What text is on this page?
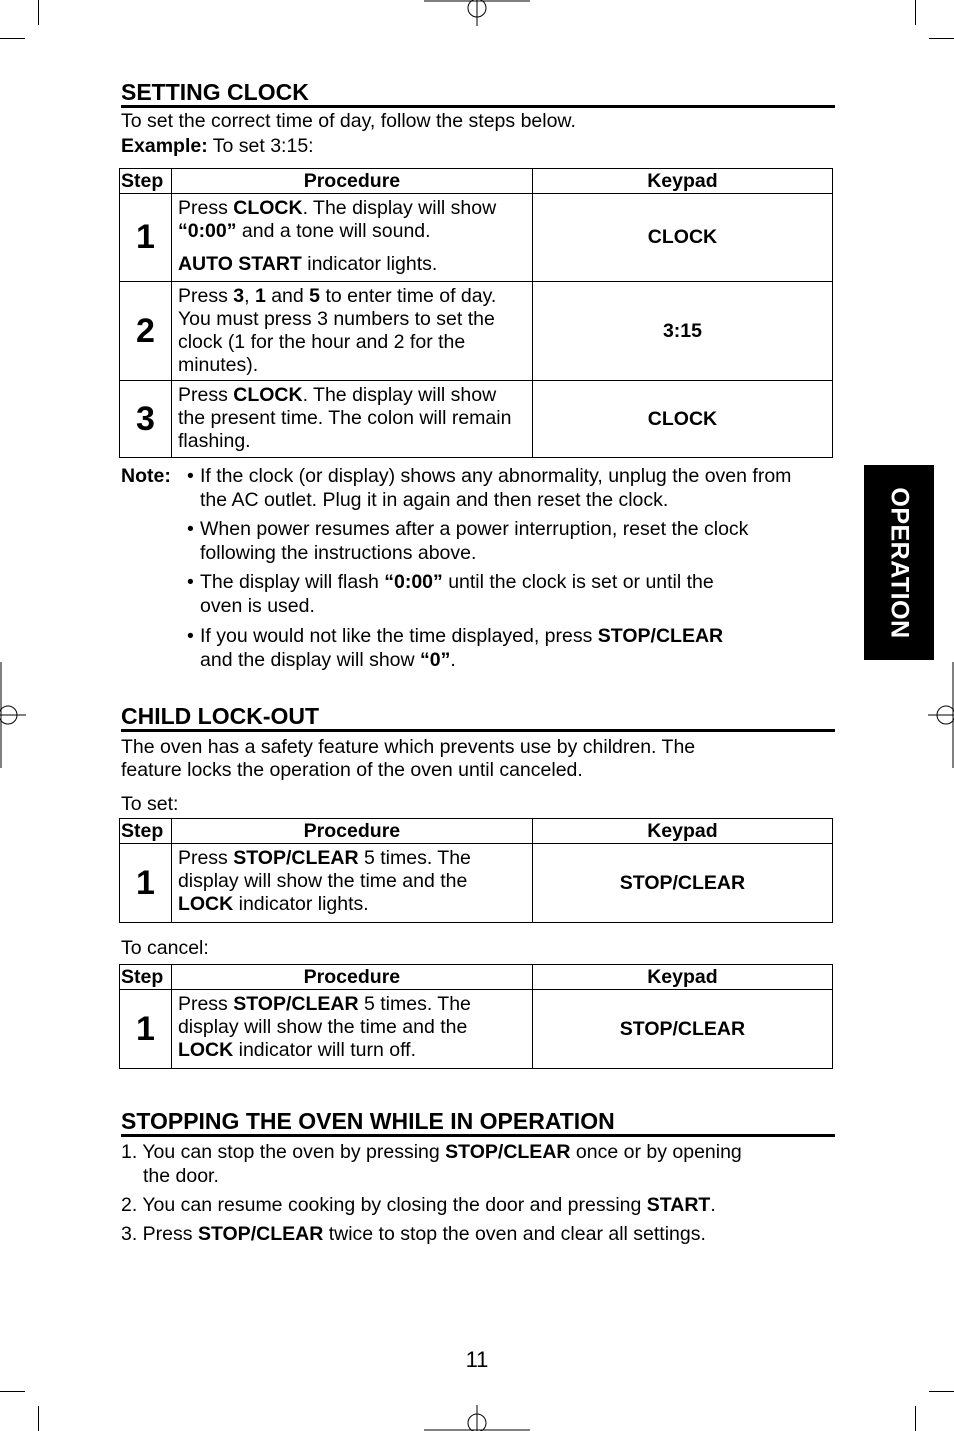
OPERATION
SETTING CLOCK
To set the correct time of day, follow the steps below.
Example: To set 3:15:
Step	Procedure	Keypad
1	Press CLOCK. The display will show “0:00” and a tone will sound.

AUTO START indicator lights.	CLOCK
2	Press 3, 1 and 5 to enter time of day. You must press 3 numbers to set the clock (1 for the hour and 2 for the minutes).	3:15
3	Press CLOCK. The display will show the present time. The colon will remain flashing.	CLOCK
Note: • If the clock (or display) shows any abnormality, unplug the oven from
the AC outlet. Plug it in again and then reset the clock.
• When power resumes after a power interruption, reset the clock
following the instructions above.
• The display will flash “0:00” until the clock is set or until the
oven is used.
• If you would not like the time displayed, press STOP/CLEAR
and the display will show “0”.
CHILD LOCK-OUT
The oven has a safety feature which prevents use by children. The
feature locks the operation of the oven until canceled.
To set:
Step	Procedure	Keypad
1	Press STOP/CLEAR 5 times. The display will show the time and the LOCK indicator lights.	STOP/CLEAR
To cancel:
Step	Procedure	Keypad
1	Press STOP/CLEAR 5 times. The display will show the time and the LOCK indicator will turn off.	STOP/CLEAR
STOPPING THE OVEN WHILE IN OPERATION
1. You can stop the oven by pressing STOP/CLEAR once or by opening
the door.
2. You can resume cooking by closing the door and pressing START.
3. Press STOP/CLEAR twice to stop the oven and clear all settings.
11
